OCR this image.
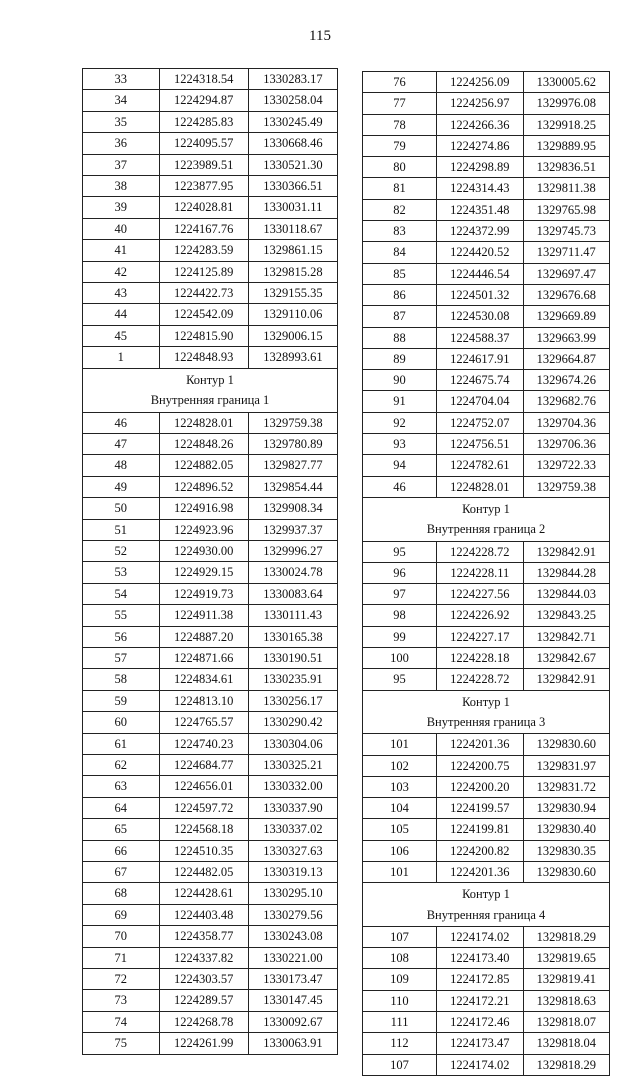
115
33	1224318.54	1330283.17
34	1224294.87	1330258.04
35	1224285.83	1330245.49
36	1224095.57	1330668.46
37	1223989.51	1330521.30
38	1223877.95	1330366.51
39	1224028.81	1330031.11
40	1224167.76	1330118.67
41	1224283.59	1329861.15
42	1224125.89	1329815.28
43	1224422.73	1329155.35
44	1224542.09	1329110.06
45	1224815.90	1329006.15
1	1224848.93	1328993.61

Контур 1
Внутренняя граница 1		

46	1224828.01	1329759.38
47	1224848.26	1329780.89
48	1224882.05	1329827.77
49	1224896.52	1329854.44
50	1224916.98	1329908.34
51	1224923.96	1329937.37
52	1224930.00	1329996.27
53	1224929.15	1330024.78
54	1224919.73	1330083.64
55	1224911.38	1330111.43
56	1224887.20	1330165.38
57	1224871.66	1330190.51
58	1224834.61	1330235.91
59	1224813.10	1330256.17
60	1224765.57	1330290.42
61	1224740.23	1330304.06
62	1224684.77	1330325.21
63	1224656.01	1330332.00
64	1224597.72	1330337.90
65	1224568.18	1330337.02
66	1224510.35	1330327.63
67	1224482.05	1330319.13
68	1224428.61	1330295.10
69	1224403.48	1330279.56
70	1224358.77	1330243.08
71	1224337.82	1330221.00
72	1224303.57	1330173.47
73	1224289.57	1330147.45
74	1224268.78	1330092.67
75	1224261.99	1330063.91
76	1224256.09	1330005.62
77	1224256.97	1329976.08
78	1224266.36	1329918.25
79	1224274.86	1329889.95
80	1224298.89	1329836.51
81	1224314.43	1329811.38
82	1224351.48	1329765.98
83	1224372.99	1329745.73
84	1224420.52	1329711.47
85	1224446.54	1329697.47
86	1224501.32	1329676.68
87	1224530.08	1329669.89
88	1224588.37	1329663.99
89	1224617.91	1329664.87
90	1224675.74	1329674.26
91	1224704.04	1329682.76
92	1224752.07	1329704.36
93	1224756.51	1329706.36
94	1224782.61	1329722.33
46	1224828.01	1329759.38

Контур 1
Внутренняя граница 2		

95	1224228.72	1329842.91
96	1224228.11	1329844.28
97	1224227.56	1329844.03
98	1224226.92	1329843.25
99	1224227.17	1329842.71
100	1224228.18	1329842.67
95	1224228.72	1329842.91

Контур 1
Внутренняя граница 3		

101	1224201.36	1329830.60
102	1224200.75	1329831.97
103	1224200.20	1329831.72
104	1224199.57	1329830.94
105	1224199.81	1329830.40
106	1224200.82	1329830.35
101	1224201.36	1329830.60

Контур 1
Внутренняя граница 4		

107	1224174.02	1329818.29
108	1224173.40	1329819.65
109	1224172.85	1329819.41
110	1224172.21	1329818.63
111	1224172.46	1329818.07
112	1224173.47	1329818.04
107	1224174.02	1329818.29
